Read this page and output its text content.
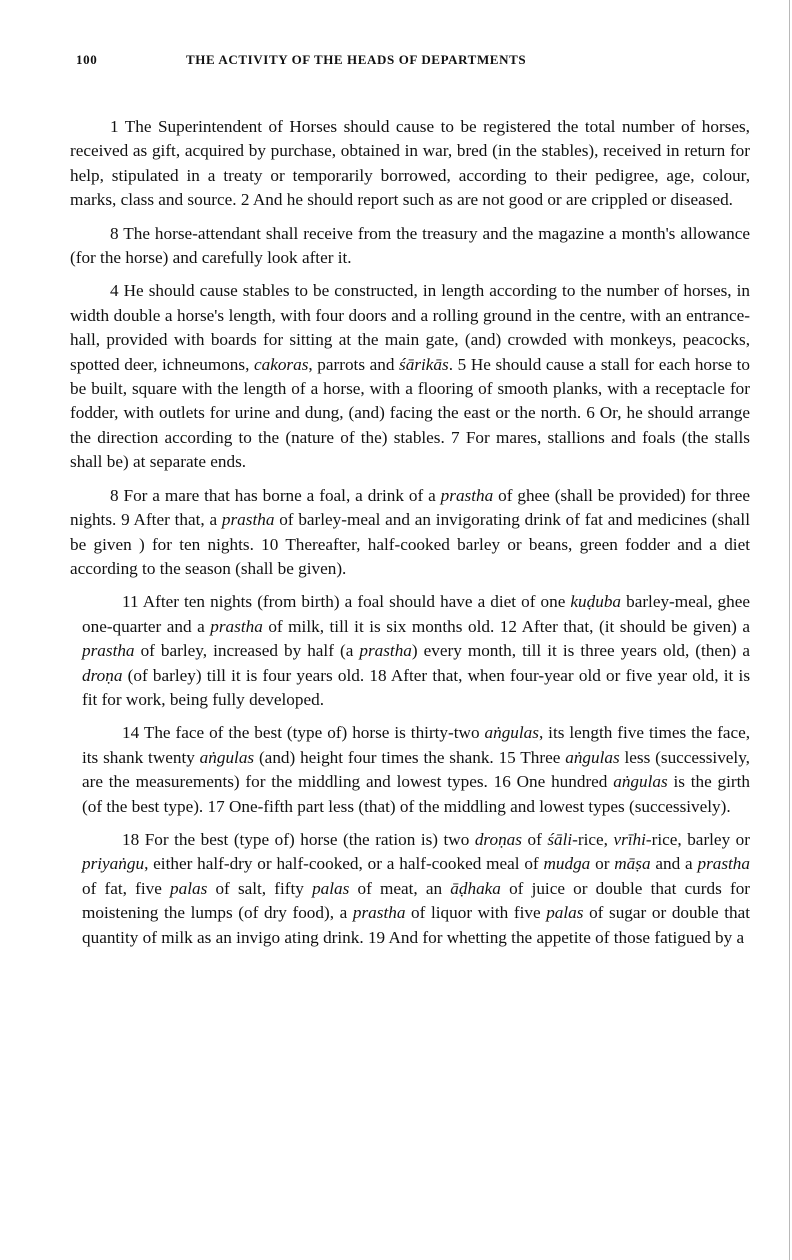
100	THE ACTIVITY OF THE HEADS OF DEPARTMENTS

1 The Superintendent of Horses should cause to be registered the total number of horses, received as gift, acquired by purchase, obtained in war, bred (in the stables), received in return for help, stipulated in a treaty or temporarily borrowed, according to their pedigree, age, colour, marks, class and source. 2 And he should report such as are not good or are crippled or diseased.

8 The horse-attendant shall receive from the treasury and the magazine a month's allowance (for the horse) and carefully look after it.

4 He should cause stables to be constructed, in length according to the number of horses, in width double a horse's length, with four doors and a rolling ground in the centre, with an entrance-hall, provided with boards for sitting at the main gate, (and) crowded with monkeys, peacocks, spotted deer, ichneumons, cakoras, parrots and śārikās. 5 He should cause a stall for each horse to be built, square with the length of a horse, with a flooring of smooth planks, with a receptacle for fodder, with outlets for urine and dung, (and) facing the east or the north. 6 Or, he should arrange the direction according to the (nature of the) stables. 7 For mares, stallions and foals (the stalls shall be) at separate ends.

8 For a mare that has borne a foal, a drink of a prastha of ghee (shall be provided) for three nights. 9 After that, a prastha of barley-meal and an invigorating drink of fat and medicines (shall be given ) for ten nights. 10 Thereafter, half-cooked barley or beans, green fodder and a diet according to the season (shall be given).

11 After ten nights (from birth) a foal should have a diet of one kuḍuba barley-meal, ghee one-quarter and a prastha of milk, till it is six months old. 12 After that, (it should be given) a prastha of barley, increased by half (a prastha) every month, till it is three years old, (then) a droṇa (of barley) till it is four years old. 18 After that, when four-year old or five year old, it is fit for work, being fully developed.

14 The face of the best (type of) horse is thirty-two aṅgulas, its length five times the face, its shank twenty aṅgulas (and) height four times the shank. 15 Three aṅgulas less (successively, are the measurements) for the middling and lowest types. 16 One hundred aṅgulas is the girth (of the best type). 17 One-fifth part less (that) of the middling and lowest types (successively).

18 For the best (type of) horse (the ration is) two droṇas of śāli-rice, vrīhi-rice, barley or priyaṅgu, either half-dry or half-cooked, or a half-cooked meal of mudga or māṣa and a prastha of fat, five palas of salt, fifty palas of meat, an āḍhaka of juice or double that curds for moistening the lumps (of dry food), a prastha of liquor with five palas of sugar or double that quantity of milk as an invigo ating drink. 19 And for whetting the appetite of those fatigued by a
